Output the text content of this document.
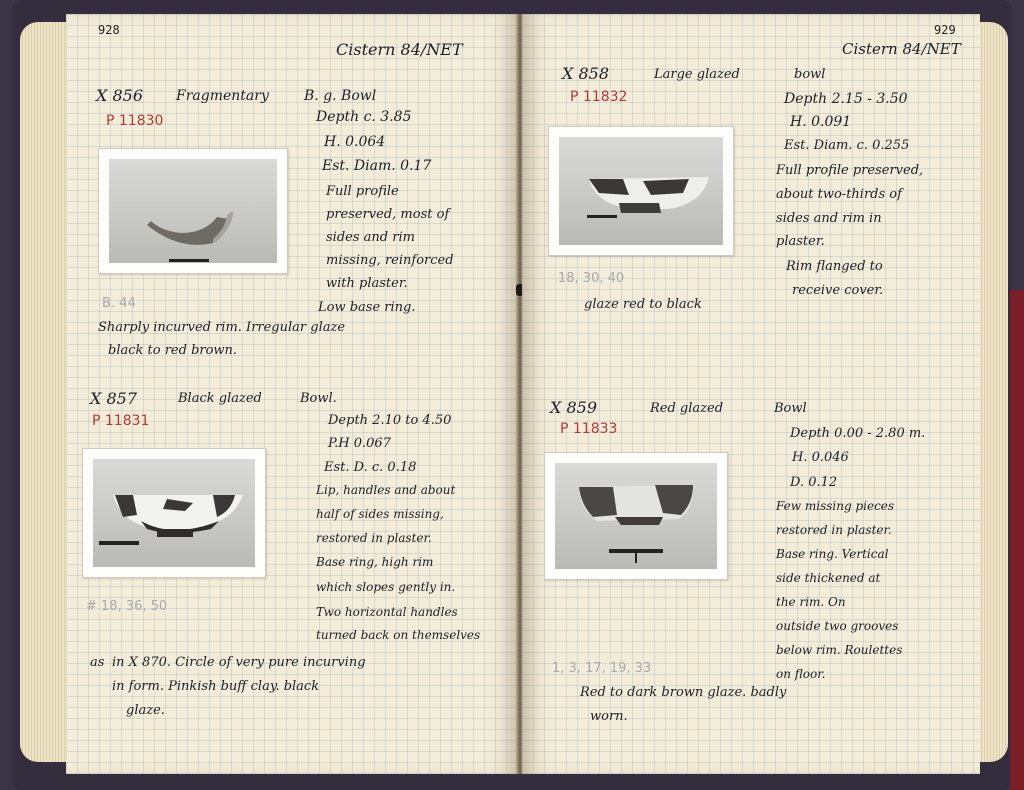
928
Cistern 84/NET
X 856 Fragmentary	B. g. Bowl
P 11830	Depth c. 3.85
H. 0.064
Est. Diam. 0.17
Full profile
preserved, most of
sides and rim
missing, reinforced
with plaster.
Low base ring.
B. 44
Sharply incurved rim. Irregular glaze
black to red brown.
X 857	Black glazed	Bowl.
P 11831	Depth 2.10 to 4.50
P.H 0.067
Est. D. c. 0.18
Lip, handles and about
half of sides missing,
restored in plaster.
Base ring, high rim
which slopes gently in.
Two horizontal handles
turned back on themselves
# 18, 36, 50
as in X 870. Circle of very pure incurving
in form. Pinkish buff clay. black
glaze.
929
Cistern 84/NET
X 858	Large glazed	bowl
P 11832	Depth 2.15 - 3.50
H. 0.091
Est. Diam. c. 0.255
Full profile preserved,
about two-thirds of
sides and rim in
plaster.
Rim flanged to
receive cover.
18, 30, 40
glaze red to black
X 859	Red glazed	Bowl
P 11833	Depth 0.00 - 2.80 m.
H. 0.046
D. 0.12
Few missing pieces
restored in plaster.
Base ring. Vertical
side thickened at
the rim. On
outside two grooves
below rim. Roulettes
on floor.
1, 3, 17, 19, 33
Red to dark brown glaze. badly
worn.
